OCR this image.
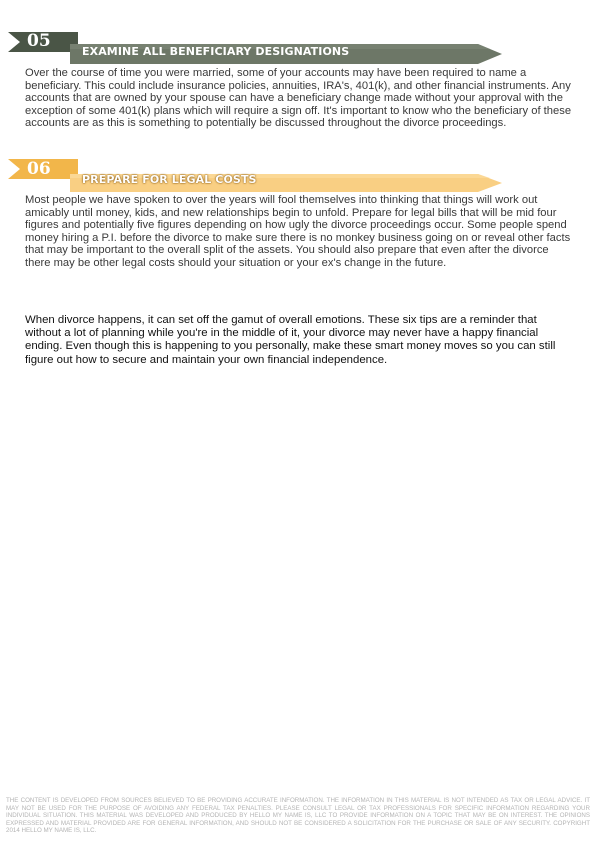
05
EXAMINE ALL BENEFICIARY DESIGNATIONS

Over the course of time you were married, some of your accounts may have been required to name a beneficiary. This could include insurance policies, annuities, IRA's, 401(k), and other financial instruments. Any accounts that are owned by your spouse can have a beneficiary change made without your approval with the exception of some 401(k) plans which will require a sign off. It's important to know who the beneficiary of these accounts are as this is something to potentially be discussed throughout the divorce proceedings.

06
PREPARE FOR LEGAL COSTS

Most people we have spoken to over the years will fool themselves into thinking that things will work out amicably until money, kids, and new relationships begin to unfold. Prepare for legal bills that will be mid four figures and potentially five figures depending on how ugly the divorce proceedings occur. Some people spend money hiring a P.I. before the divorce to make sure there is no monkey business going on or reveal other facts that may be important to the overall split of the assets. You should also prepare that even after the divorce there may be other legal costs should your situation or your ex's change in the future.

When divorce happens, it can set off the gamut of overall emotions. These six tips are a reminder that without a lot of planning while you're in the middle of it, your divorce may never have a happy financial ending. Even though this is happening to you personally, make these smart money moves so you can still figure out how to secure and maintain your own financial independence.

THE CONTENT IS DEVELOPED FROM SOURCES BELIEVED TO BE PROVIDING ACCURATE INFORMATION. THE INFORMATION IN THIS MATERIAL IS NOT INTENDED AS TAX OR LEGAL ADVICE. IT MAY NOT BE USED FOR THE PURPOSE OF AVOIDING ANY FEDERAL TAX PENALTIES. PLEASE CONSULT LEGAL OR TAX PROFESSIONALS FOR SPECIFIC INFORMATION REGARDING YOUR INDIVIDUAL SITUATION. THIS MATERIAL WAS DEVELOPED AND PRODUCED BY HELLO MY NAME IS, LLC TO PROVIDE INFORMATION ON A TOPIC THAT MAY BE ON INTEREST. THE OPINIONS EXPRESSED AND MATERIAL PROVIDED ARE FOR GENERAL INFORMATION, AND SHOULD NOT BE CONSIDERED A SOLICITATION FOR THE PURCHASE OR SALE OF ANY SECURITY. COPYRIGHT 2014 HELLO MY NAME IS, LLC.
